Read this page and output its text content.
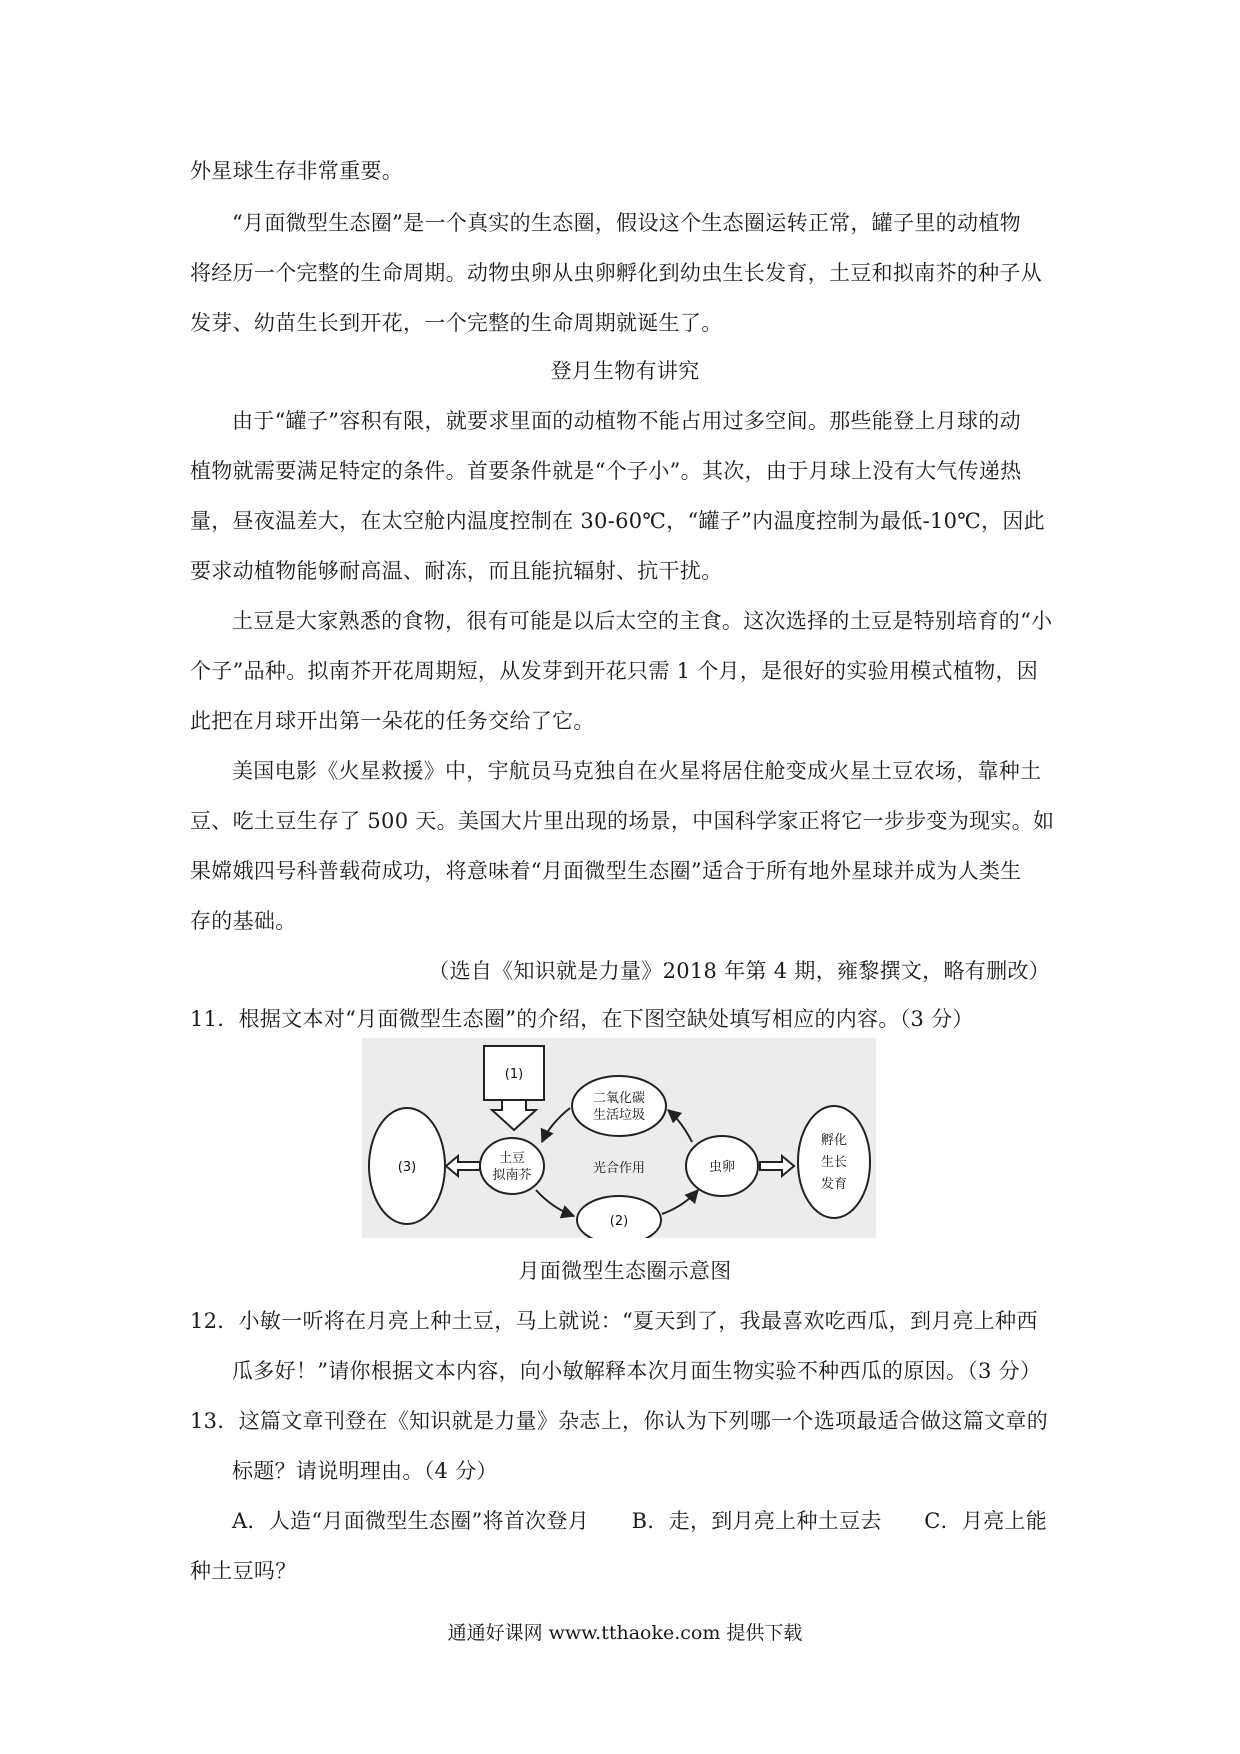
外星球生存非常重要。
“月面微型生态圈”是一个真实的生态圈，假设这个生态圈运转正常，罐子里的动植物
将经历一个完整的生命周期。动物虫卵从虫卵孵化到幼虫生长发育，土豆和拟南芥的种子从
发芽、幼苗生长到开花，一个完整的生命周期就诞生了。
登月生物有讲究
由于“罐子”容积有限，就要求里面的动植物不能占用过多空间。那些能登上月球的动
植物就需要满足特定的条件。首要条件就是“个子小”。其次，由于月球上没有大气传递热
量，昼夜温差大，在太空舱内温度控制在 30-60℃，“罐子”内温度控制为最低-10℃，因此
要求动植物能够耐高温、耐冻，而且能抗辐射、抗干扰。
土豆是大家熟悉的食物，很有可能是以后太空的主食。这次选择的土豆是特别培育的“小
个子”品种。拟南芥开花周期短，从发芽到开花只需 1 个月，是很好的实验用模式植物，因
此把在月球开出第一朵花的任务交给了它。
美国电影《火星救援》中，宇航员马克独自在火星将居住舱变成火星土豆农场，靠种土
豆、吃土豆生存了 500 天。美国大片里出现的场景，中国科学家正将它一步步变为现实。如
果嫦娥四号科普载荷成功，将意味着“月面微型生态圈”适合于所有地外星球并成为人类生
存的基础。
（选自《知识就是力量》2018 年第 4 期，雍黎撰文，略有删改）
11．根据文本对“月面微型生态圈”的介绍，在下图空缺处填写相应的内容。（3 分）
(1)
(3)
土豆
拟南芥
二氧化碳
生活垃圾
光合作用
(2)
虫卵
孵化
生长
发育
月面微型生态圈示意图
12．小敏一听将在月亮上种土豆，马上就说：“夏天到了，我最喜欢吃西瓜，到月亮上种西
瓜多好！”请你根据文本内容，向小敏解释本次月面生物实验不种西瓜的原因。（3 分）
13．这篇文章刊登在《知识就是力量》杂志上，你认为下列哪一个选项最适合做这篇文章的
标题？请说明理由。（4 分）
A．人造“月面微型生态圈”将首次登月　　B．走，到月亮上种土豆去　　C．月亮上能
种土豆吗？
通通好课网 www.tthaoke.com 提供下载
